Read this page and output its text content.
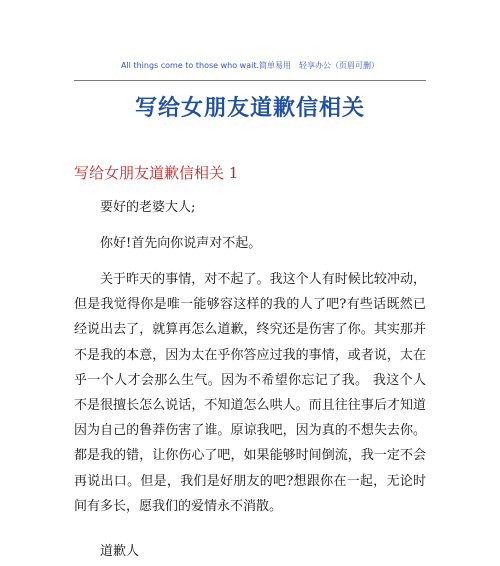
All things come to those who wait.简单易用　轻享办公（页眉可删）
写给女朋友道歉信相关
写给女朋友道歉信相关 1

要好的老婆大人;

你好!首先向你说声对不起。

关于昨天的事情，对不起了。我这个人有时候比较冲动，但是我觉得你是唯一能够容这样的我的人了吧?有些话既然已经说出去了，就算再怎么道歉，终究还是伤害了你。其实那并不是我的本意，因为太在乎你答应过我的事情，或者说，太在乎一个人才会那么生气。因为不希望你忘记了我。 我这个人不是很擅长怎么说话，不知道怎么哄人。而且往往事后才知道因为自己的鲁莽伤害了谁。原谅我吧，因为真的不想失去你。都是我的错，让你伤心了吧，如果能够时间倒流，我一定不会再说出口。但是，我们是好朋友的吧?想跟你在一起，无论时间有多长，愿我们的爱情永不消散。

道歉人
